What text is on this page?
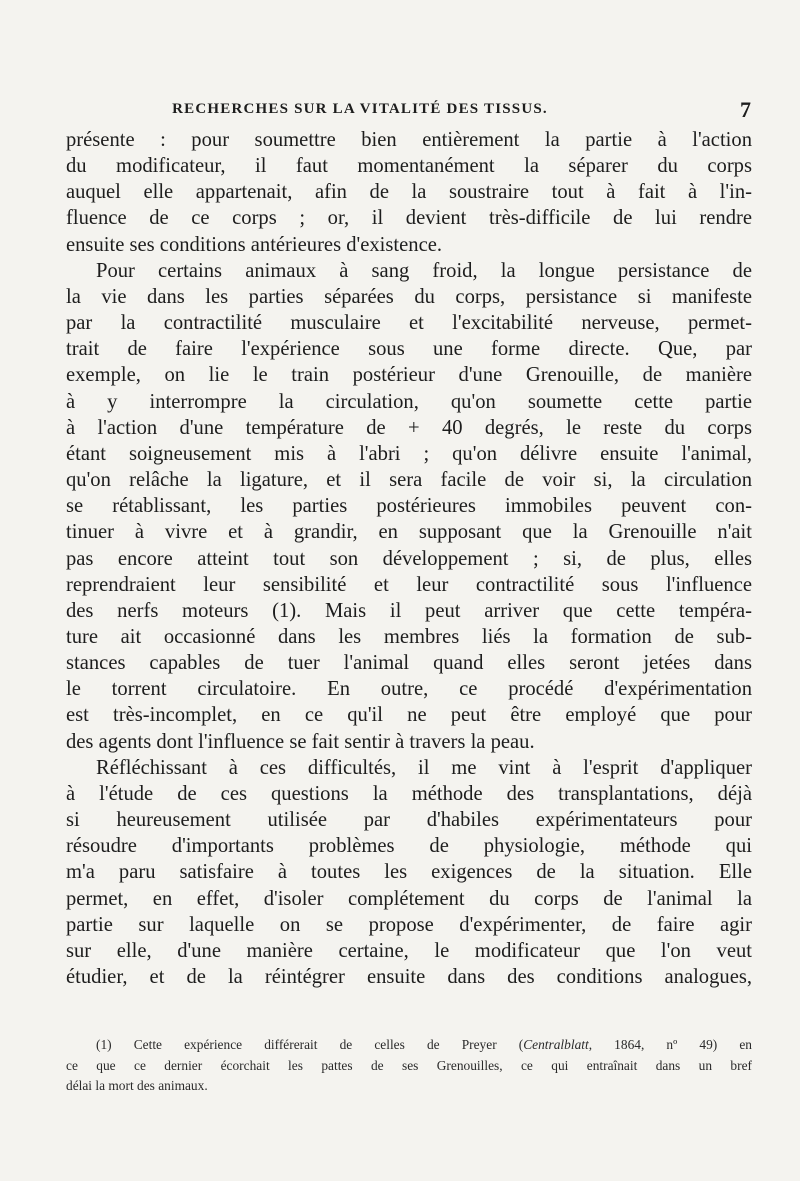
RECHERCHES SUR LA VITALITÉ DES TISSUS.	7

présente : pour soumettre bien entièrement la partie à l'action
du modificateur, il faut momentanément la séparer du corps
auquel elle appartenait, afin de la soustraire tout à fait à l'in-
fluence de ce corps ; or, il devient très-difficile de lui rendre
ensuite ses conditions antérieures d'existence.

Pour certains animaux à sang froid, la longue persistance de
la vie dans les parties séparées du corps, persistance si manifeste
par la contractilité musculaire et l'excitabilité nerveuse, permet-
trait de faire l'expérience sous une forme directe. Que, par
exemple, on lie le train postérieur d'une Grenouille, de manière
à y interrompre la circulation, qu'on soumette cette partie
à l'action d'une température de + 40 degrés, le reste du corps
étant soigneusement mis à l'abri ; qu'on délivre ensuite l'animal,
qu'on relâche la ligature, et il sera facile de voir si, la circulation
se rétablissant, les parties postérieures immobiles peuvent con-
tinuer à vivre et à grandir, en supposant que la Grenouille n'ait
pas encore atteint tout son développement ; si, de plus, elles
reprendraient leur sensibilité et leur contractilité sous l'influence
des nerfs moteurs (1). Mais il peut arriver que cette tempéra-
ture ait occasionné dans les membres liés la formation de sub-
stances capables de tuer l'animal quand elles seront jetées dans
le torrent circulatoire. En outre, ce procédé d'expérimentation
est très-incomplet, en ce qu'il ne peut être employé que pour
des agents dont l'influence se fait sentir à travers la peau.

Réfléchissant à ces difficultés, il me vint à l'esprit d'appliquer
à l'étude de ces questions la méthode des transplantations, déjà
si heureusement utilisée par d'habiles expérimentateurs pour
résoudre d'importants problèmes de physiologie, méthode qui
m'a paru satisfaire à toutes les exigences de la situation. Elle
permet, en effet, d'isoler complétement du corps de l'animal la
partie sur laquelle on se propose d'expérimenter, de faire agir
sur elle, d'une manière certaine, le modificateur que l'on veut
étudier, et de la réintégrer ensuite dans des conditions analogues,

(1) Cette expérience différerait de celles de Preyer (Centralblatt, 1864, nº 49) en
ce que ce dernier écorchait les pattes de ses Grenouilles, ce qui entraînait dans un bref
délai la mort des animaux.
